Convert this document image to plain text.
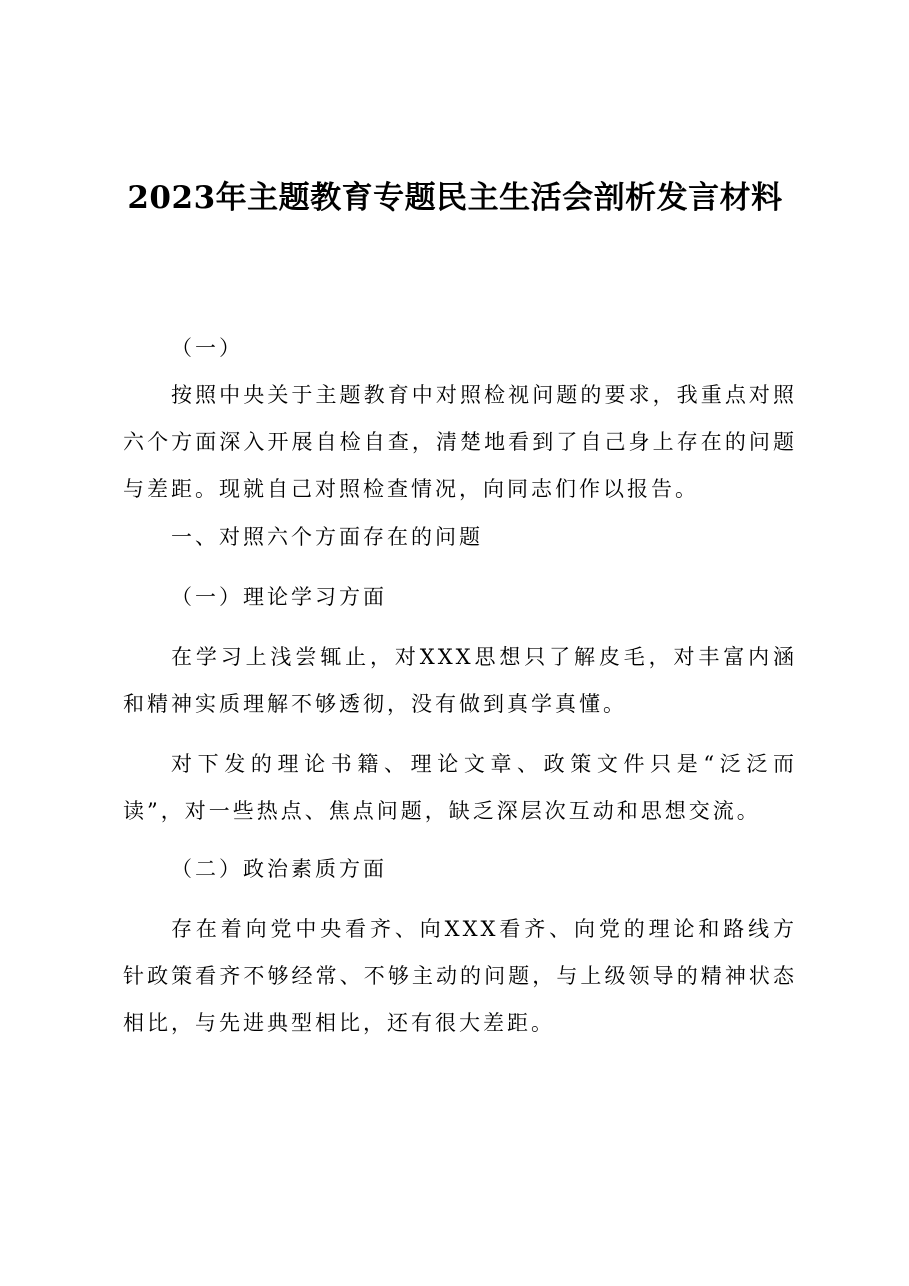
2023年主题教育专题民主生活会剖析发言材料

（一）

按照中央关于主题教育中对照检视问题的要求，我重点对照六个方面深入开展自检自查，清楚地看到了自己身上存在的问题与差距。现就自己对照检查情况，向同志们作以报告。

一、对照六个方面存在的问题

（一）理论学习方面

在学习上浅尝辄止，对XXX思想只了解皮毛，对丰富内涵和精神实质理解不够透彻，没有做到真学真懂。

对下发的理论书籍、理论文章、政策文件只是“泛泛而读”，对一些热点、焦点问题，缺乏深层次互动和思想交流。

（二）政治素质方面

存在着向党中央看齐、向XXX看齐、向党的理论和路线方针政策看齐不够经常、不够主动的问题，与上级领导的精神状态相比，与先进典型相比，还有很大差距。
